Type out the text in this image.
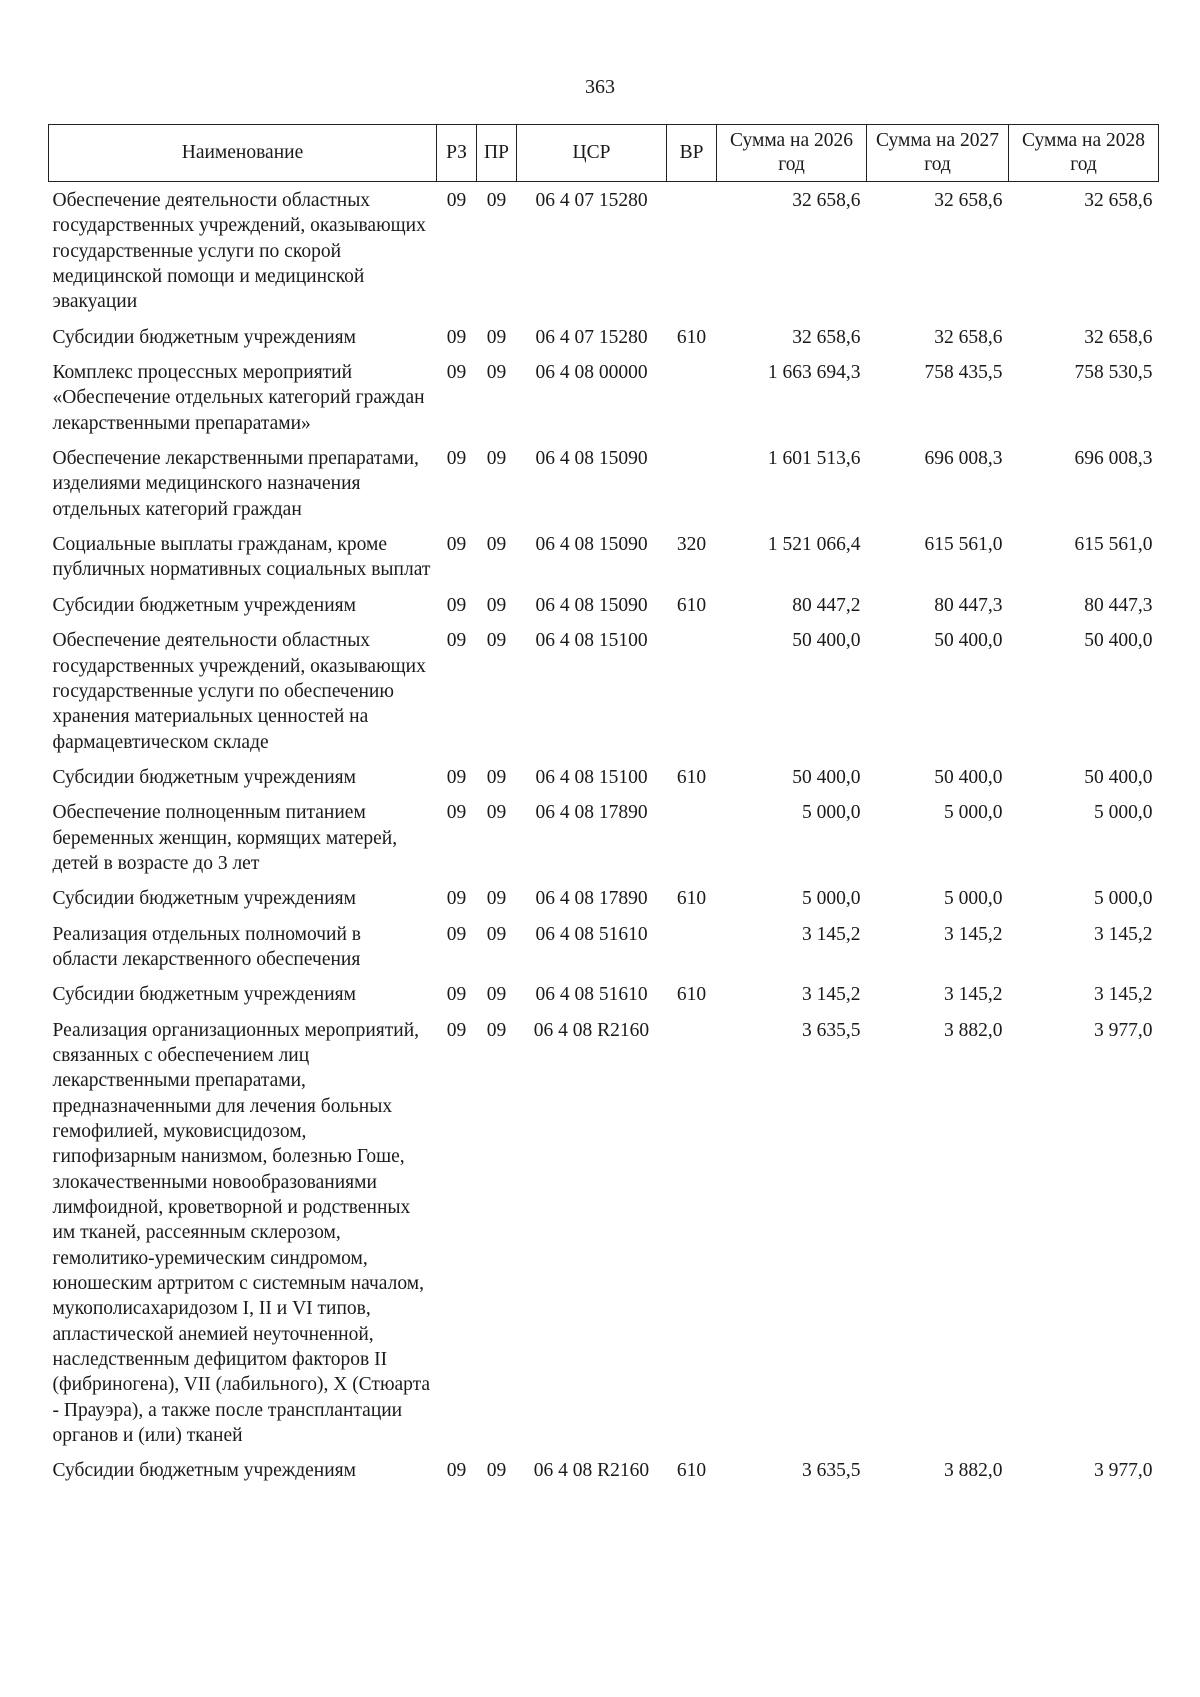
363
Наименование	РЗ	ПР	ЦСР	ВР	Сумма на 2026 год	Сумма на 2027 год	Сумма на 2028 год
Обеспечение деятельности областных государственных учреждений, оказывающих государственные услуги по скорой медицинской помощи и медицинской эвакуации	09	09	06 4 07 15280		32 658,6	32 658,6	32 658,6
Субсидии бюджетным учреждениям	09	09	06 4 07 15280	610	32 658,6	32 658,6	32 658,6
Комплекс процессных мероприятий «Обеспечение отдельных категорий граждан лекарственными препаратами»	09	09	06 4 08 00000		1 663 694,3	758 435,5	758 530,5
Обеспечение лекарственными препаратами, изделиями медицинского назначения отдельных категорий граждан	09	09	06 4 08 15090		1 601 513,6	696 008,3	696 008,3
Социальные выплаты гражданам, кроме публичных нормативных социальных выплат	09	09	06 4 08 15090	320	1 521 066,4	615 561,0	615 561,0
Субсидии бюджетным учреждениям	09	09	06 4 08 15090	610	80 447,2	80 447,3	80 447,3
Обеспечение деятельности областных государственных учреждений, оказывающих государственные услуги по обеспечению хранения материальных ценностей на фармацевтическом складе	09	09	06 4 08 15100		50 400,0	50 400,0	50 400,0
Субсидии бюджетным учреждениям	09	09	06 4 08 15100	610	50 400,0	50 400,0	50 400,0
Обеспечение полноценным питанием беременных женщин, кормящих матерей, детей в возрасте до 3 лет	09	09	06 4 08 17890		5 000,0	5 000,0	5 000,0
Субсидии бюджетным учреждениям	09	09	06 4 08 17890	610	5 000,0	5 000,0	5 000,0
Реализация отдельных полномочий в области лекарственного обеспечения	09	09	06 4 08 51610		3 145,2	3 145,2	3 145,2
Субсидии бюджетным учреждениям	09	09	06 4 08 51610	610	3 145,2	3 145,2	3 145,2
Реализация организационных мероприятий, связанных с обеспечением лиц лекарственными препаратами, предназначенными для лечения больных гемофилией, муковисцидозом, гипофизарным нанизмом, болезнью Гоше, злокачественными новообразованиями лимфоидной, кроветворной и родственных им тканей, рассеянным склерозом, гемолитико-уремическим синдромом, юношеским артритом с системным началом, мукополисахаридозом I, II и VI типов, апластической анемией неуточненной, наследственным дефицитом факторов II (фибриногена), VII (лабильного), X (Стюарта - Прауэра), а также после трансплантации органов и (или) тканей	09	09	06 4 08 R2160		3 635,5	3 882,0	3 977,0
Субсидии бюджетным учреждениям	09	09	06 4 08 R2160	610	3 635,5	3 882,0	3 977,0
